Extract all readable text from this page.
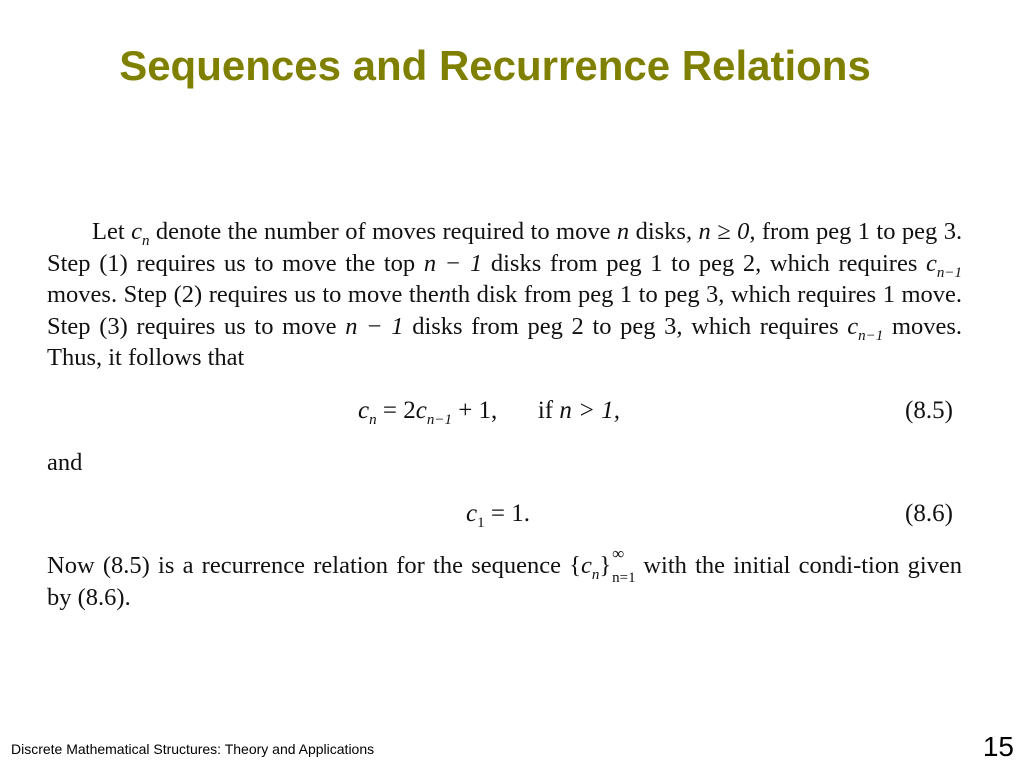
Sequences and Recurrence Relations
Let $c_n$ denote the number of moves required to move n disks, n ≥ 0, from peg 1 to peg 3. Step (1) requires us to move the top n − 1 disks from peg 1 to peg 2, which requires $c_{n-1}$ moves. Step (2) requires us to move thenth disk from peg 1 to peg 3, which requires 1 move. Step (3) requires us to move n − 1 disks from peg 2 to peg 3, which requires $c_{n-1}$ moves. Thus, it follows that
$c_n = 2c_{n-1} + 1$, if n > 1,	(8.5)
and
$c_1 = 1$.	(8.6)
Now (8.5) is a recurrence relation for the sequence $\{c_n\}$ ∞
n=1 with the initial condi-tion given by (8.6).
Discrete Mathematical Structures: Theory and Applications	15
